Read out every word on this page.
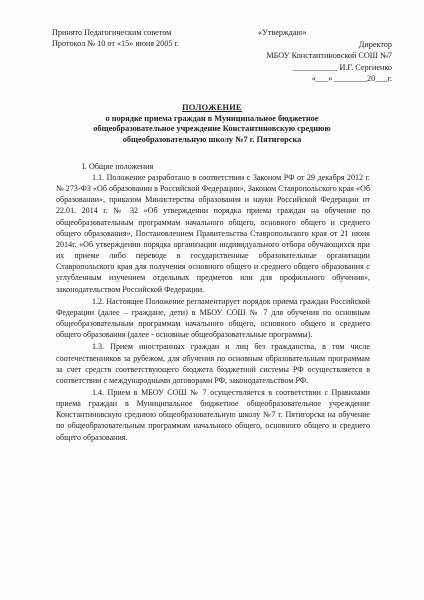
Принято Педагогическим советом
Протокол № 10 от «15» июня 2005 г.
«Утверждаю»
Директор
МБОУ Константиновской СОШ №7
___________ И.Г. Сергиенко
«___» ________20___г.
ПОЛОЖЕНИЕ
о порядке приема граждан в Муниципальное бюджетное
общеобразовательное учреждение Константиновскую среднюю
общеобразовательную школу №7 г. Пятигорска
I. Общие положения

1.1. Положение разработано в соответствии с Законом РФ от 29 декабря 2012 г. № 273-ФЗ «Об образовании в Российской Федерации», Законом Ставропольского края «Об образовании», приказом Министерства образования и науки Российской Федерации от 22.01. 2014 г. № 32 «Об утверждении порядка приема граждан на обучение по общеобразовательным программам начального общего, основного общего и среднего общего образования», Постановлением Правительства Ставропольского края от 21 июня 2014г. «Об утверждении порядка организации индивидуального отбора обучающихся при их приеме либо переводе в государственные образовательные организации Ставропольского края для получения основного общего и среднего общего образования с углубленным изучением отдельных предметов или для профильного обучения», законодательством Российской Федерации.

1.2. Настоящее Положение регламентирует порядок приема граждан Российской Федерации (далее – граждане, дети) в МБОУ СОШ № 7 для обучения по основным общеобразовательным программам начального общего, основного общего и среднего общего образования (далее - основные общеобразовательные программы).

1.3. Прием иностранных граждан и лиц без гражданства, в том числе соотечественников за рубежом, для обучения по основным образовательным программам за счет средств соответствующего бюджета бюджетной системы РФ осуществляется в соответствии с международными договорами РФ, законодательством РФ.

1.4. Прием в МБОУ СОШ № 7 осуществляется в соответствии с Правилами приема граждан в Муниципальное бюджетное общеобразовательное учреждение Константиновскую среднюю общеобразовательную школу №7 г. Пятигорска на обучение по общеобразовательным программам начального общего, основного общего и среднего общего образования.
